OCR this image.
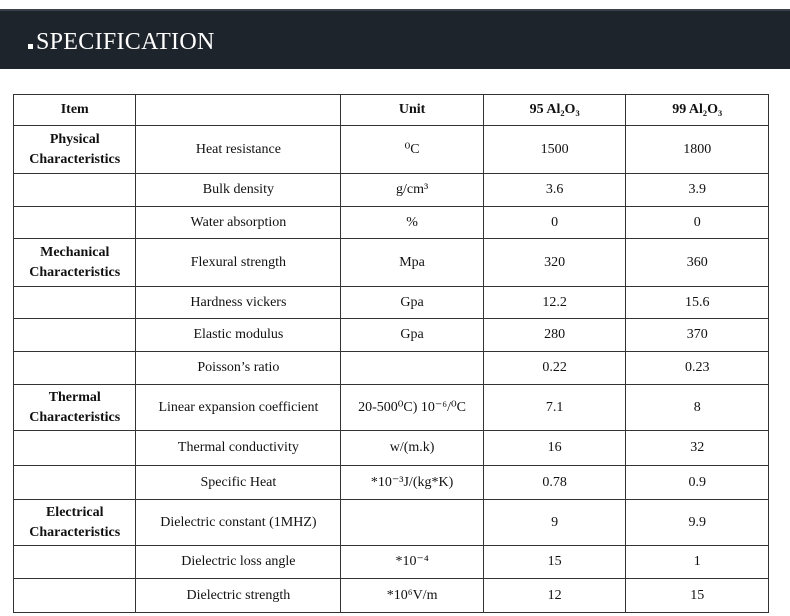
SPECIFICATION
Item		Unit	95 Al₂O₃	99 Al₂O₃
Physical Characteristics	Heat resistance	⁰C	1500	1800
	Bulk density	g/cm³	3.6	3.9
	Water absorption	%	0	0
Mechanical Characteristics	Flexural strength	Mpa	320	360
	Hardness vickers	Gpa	12.2	15.6
	Elastic modulus	Gpa	280	370
	Poisson’s ratio		0.22	0.23
Thermal Characteristics	Linear expansion coefficient	20-500⁰C) 10⁻⁶/⁰C	7.1	8
	Thermal conductivity	w/(m.k)	16	32
	Specific Heat	*10⁻³J/(kg*K)	0.78	0.9
Electrical Characteristics	Dielectric constant (1MHZ)		9	9.9
	Dielectric loss angle	*10⁻⁴	15	1
	Dielectric strength	*10⁶V/m	12	15
